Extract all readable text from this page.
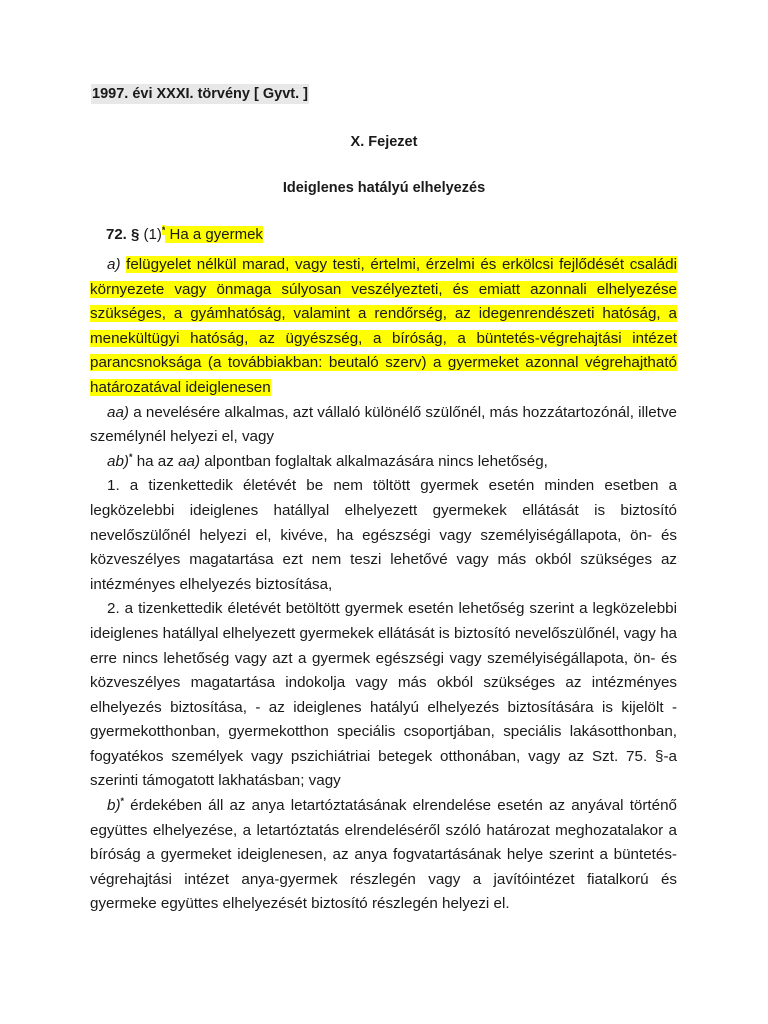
1997. évi XXXI. törvény [ Gyvt. ]
X. Fejezet
Ideiglenes hatályú elhelyezés
72. § (1)* Ha a gyermek

a) felügyelet nélkül marad, vagy testi, értelmi, érzelmi és erkölcsi fejlődését családi környezete vagy önmaga súlyosan veszélyezteti, és emiatt azonnali elhelyezése szükséges, a gyámhatóság, valamint a rendőrség, az idegenrendészeti hatóság, a menekültügyi hatóság, az ügyészség, a bíróság, a büntetés-végrehajtási intézet parancsnoksága (a továbbiakban: beutaló szerv) a gyermeket azonnal végrehajtható határozatával ideiglenesen

aa) a nevelésére alkalmas, azt vállaló különélő szülőnél, más hozzátartozónál, illetve személynél helyezi el, vagy

ab)* ha az aa) alpontban foglaltak alkalmazására nincs lehetőség,

1. a tizenkettedik életévét be nem töltött gyermek esetén minden esetben a legközelebbi ideiglenes hatállyal elhelyezett gyermekek ellátását is biztosító nevelőszülőnél helyezi el, kivéve, ha egészségi vagy személyiségállapota, ön- és közveszélyes magatartása ezt nem teszi lehetővé vagy más okból szükséges az intézményes elhelyezés biztosítása,

2. a tizenkettedik életévét betöltött gyermek esetén lehetőség szerint a legközelebbi ideiglenes hatállyal elhelyezett gyermekek ellátását is biztosító nevelőszülőnél, vagy ha erre nincs lehetőség vagy azt a gyermek egészségi vagy személyiségállapota, ön- és közveszélyes magatartása indokolja vagy más okból szükséges az intézményes elhelyezés biztosítása, - az ideiglenes hatályú elhelyezés biztosítására is kijelölt - gyermekotthonban, gyermekotthon speciális csoportjában, speciális lakásotthonban, fogyatékos személyek vagy pszichiátriai betegek otthonában, vagy az Szt. 75. §-a szerinti támogatott lakhatásban; vagy

b)* érdekében áll az anya letartóztatásának elrendelése esetén az anyával történő együttes elhelyezése, a letartóztatás elrendeléséről szóló határozat meghozatalakor a bíróság a gyermeket ideiglenesen, az anya fogvatartásának helye szerint a büntetés-végrehajtási intézet anya-gyermek részlegén vagy a javítóintézet fiatalkorú és gyermeke együttes elhelyezését biztosító részlegén helyezi el.
